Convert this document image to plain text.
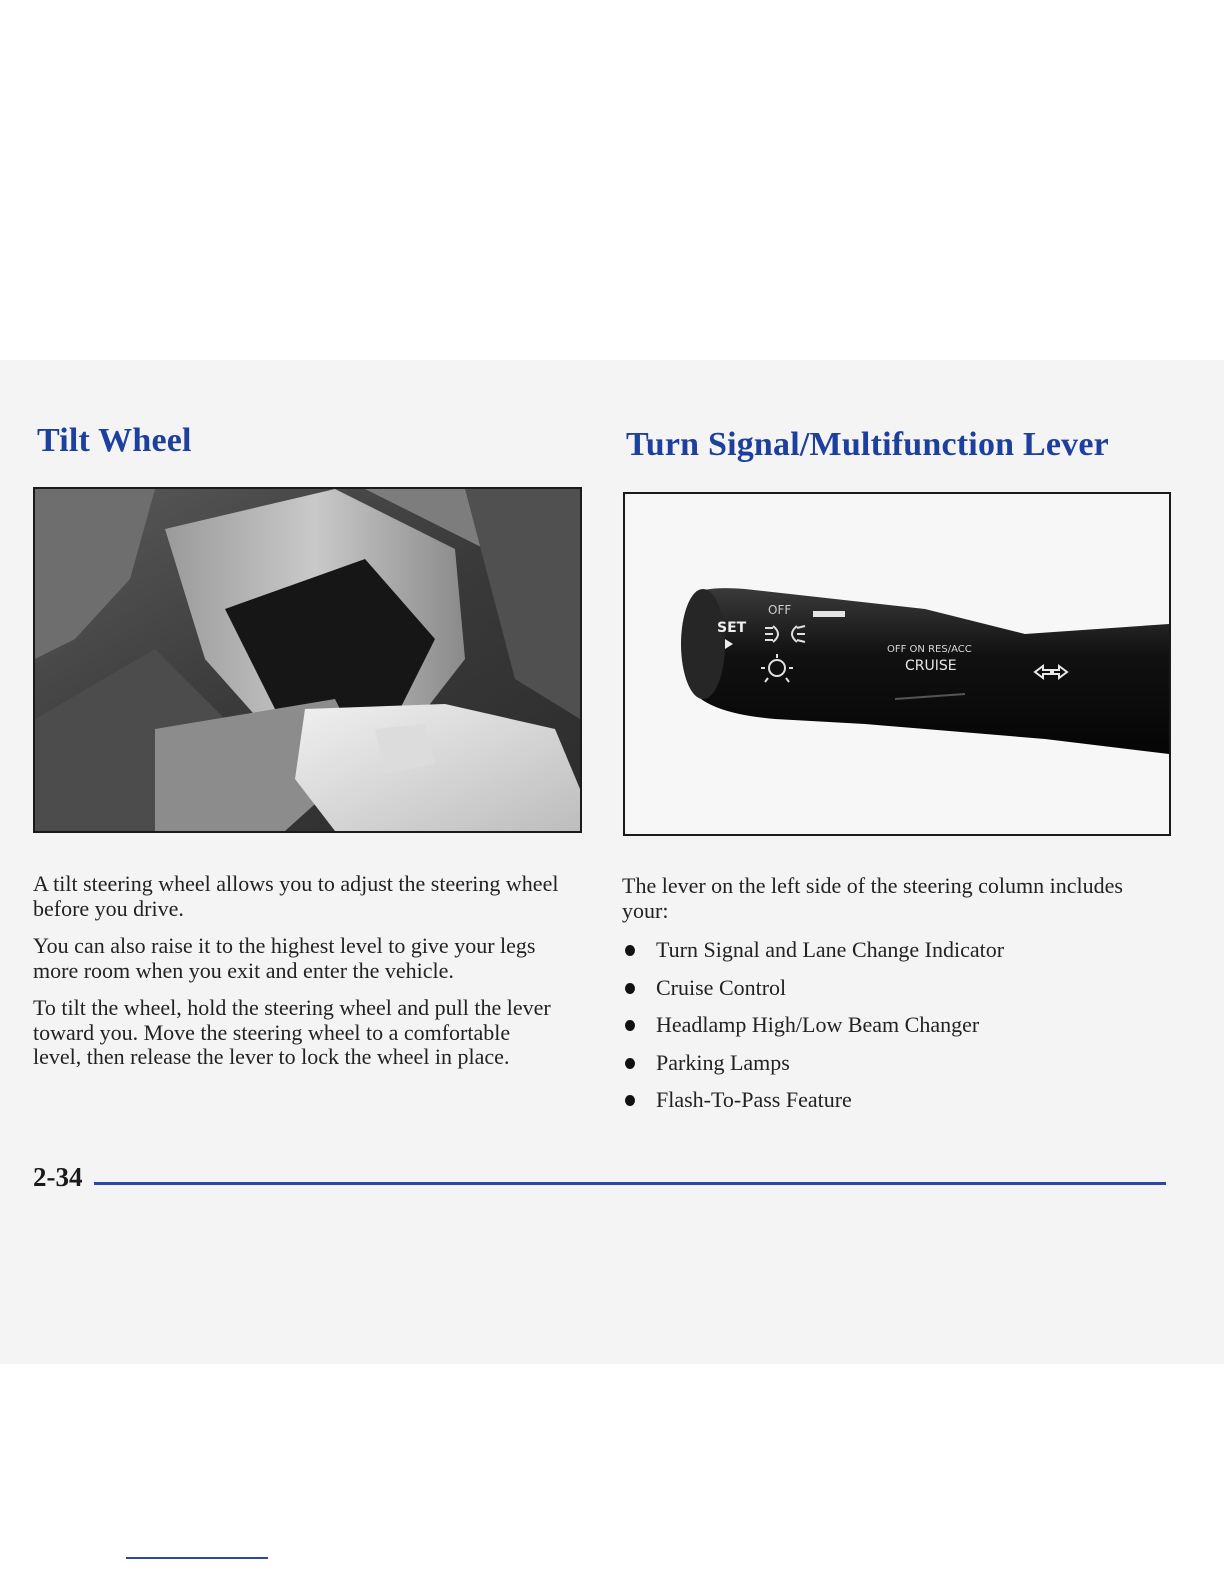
Tilt Wheel	Turn Signal/Multifunction Lever
OFF
SET
OFF ON RES/ACC
CRUISE

A tilt steering wheel allows you to adjust the steering wheel before you drive.

You can also raise it to the highest level to give your legs more room when you exit and enter the vehicle.

To tilt the wheel, hold the steering wheel and pull the lever toward you. Move the steering wheel to a comfortable level, then release the lever to lock the wheel in place.

The lever on the left side of the steering column includes your:

Turn Signal and Lane Change Indicator
Cruise Control
Headlamp High/Low Beam Changer
Parking Lamps
Flash-To-Pass Feature
2-34
